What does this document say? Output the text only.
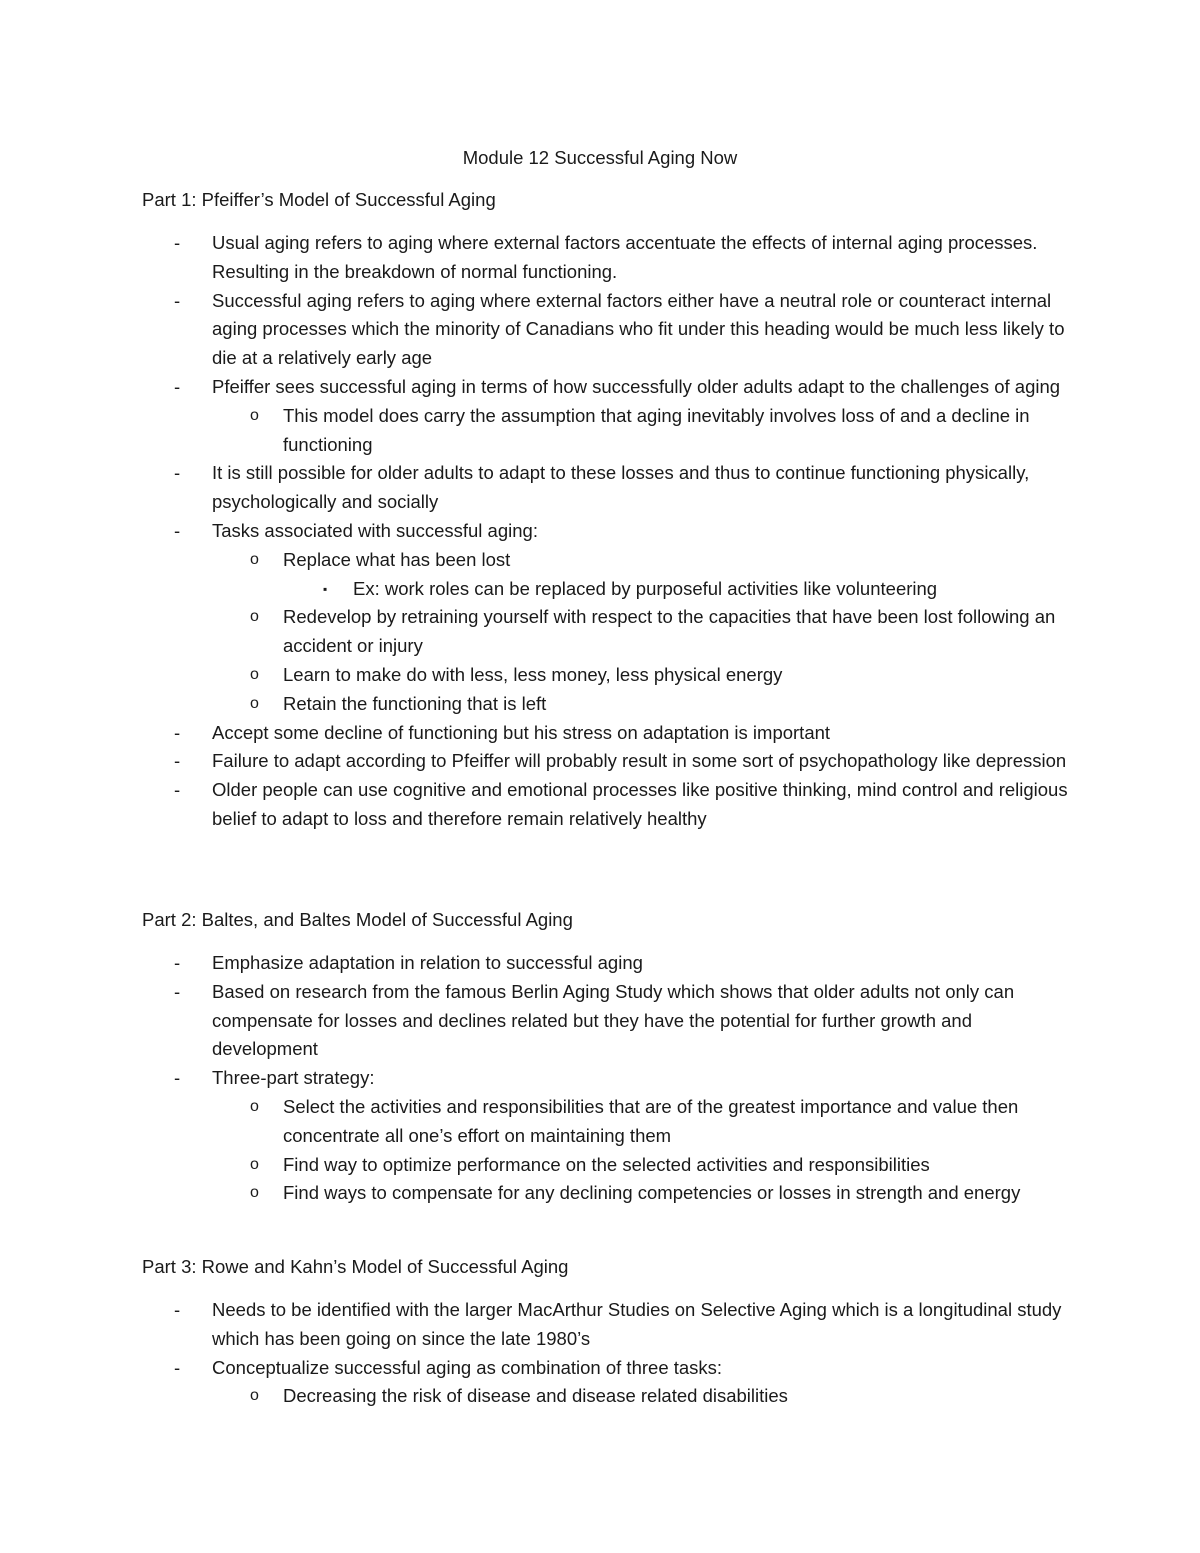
Module 12 Successful Aging Now
Part 1: Pfeiffer’s Model of Successful Aging
- Usual aging refers to aging where external factors accentuate the effects of internal aging processes. Resulting in the breakdown of normal functioning.
- Successful aging refers to aging where external factors either have a neutral role or counteract internal aging processes which the minority of Canadians who fit under this heading would be much less likely to die at a relatively early age
- Pfeiffer sees successful aging in terms of how successfully older adults adapt to the challenges of aging
o This model does carry the assumption that aging inevitably involves loss of and a decline in functioning
- It is still possible for older adults to adapt to these losses and thus to continue functioning physically, psychologically and socially
- Tasks associated with successful aging:
o Replace what has been lost
▪ Ex: work roles can be replaced by purposeful activities like volunteering
o Redevelop by retraining yourself with respect to the capacities that have been lost following an accident or injury
o Learn to make do with less, less money, less physical energy
o Retain the functioning that is left
- Accept some decline of functioning but his stress on adaptation is important
- Failure to adapt according to Pfeiffer will probably result in some sort of psychopathology like depression
- Older people can use cognitive and emotional processes like positive thinking, mind control and religious belief to adapt to loss and therefore remain relatively healthy
Part 2: Baltes, and Baltes Model of Successful Aging
- Emphasize adaptation in relation to successful aging
- Based on research from the famous Berlin Aging Study which shows that older adults not only can compensate for losses and declines related but they have the potential for further growth and development
- Three-part strategy:
o Select the activities and responsibilities that are of the greatest importance and value then concentrate all one’s effort on maintaining them
o Find way to optimize performance on the selected activities and responsibilities
o Find ways to compensate for any declining competencies or losses in strength and energy
Part 3: Rowe and Kahn’s Model of Successful Aging
- Needs to be identified with the larger MacArthur Studies on Selective Aging which is a longitudinal study which has been going on since the late 1980’s
- Conceptualize successful aging as combination of three tasks:
o Decreasing the risk of disease and disease related disabilities
